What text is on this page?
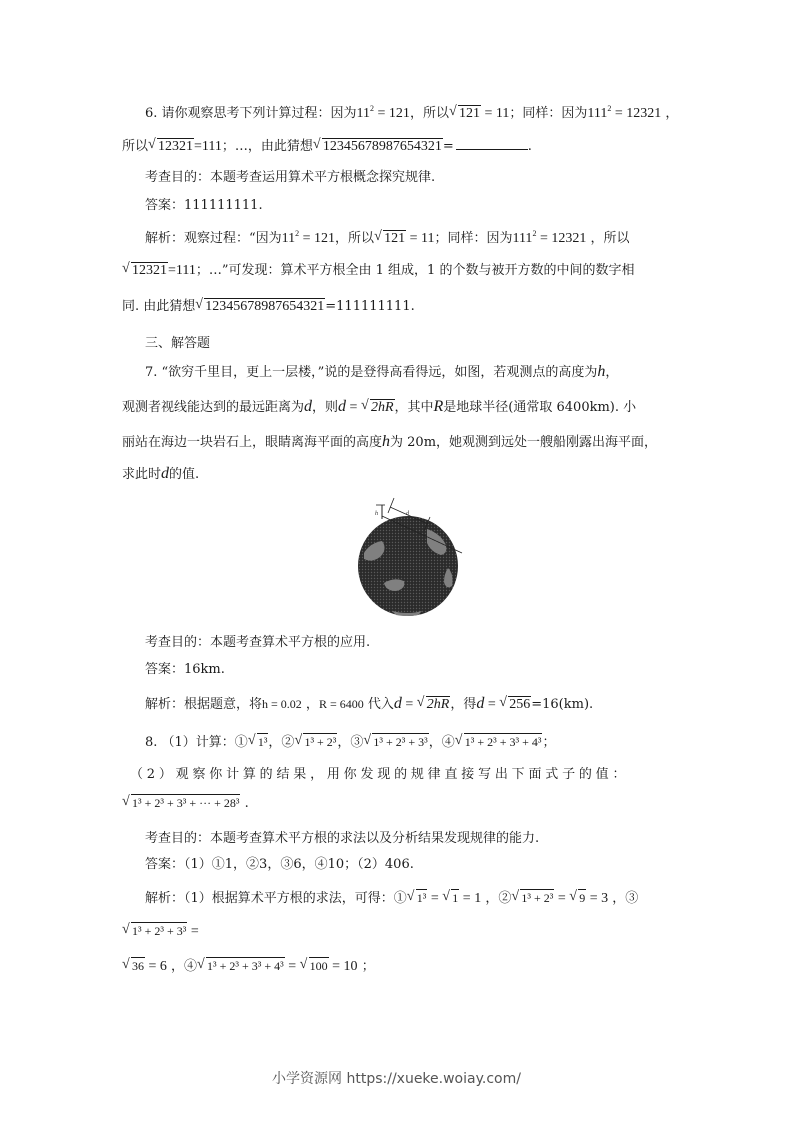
6. 请你观察思考下列计算过程：因为$11^2 = 121$，所以 √ 121 = 11；同样：因为$111^2 = 12321$ ，
所以 √ 12321=111；…，由此猜想 √ 12345678987654321=	.
考查目的：本题考查运用算术平方根概念探究规律.
答案：111111111.
解析：观察过程：“因为$11^2 = 121$，所以 √ 121 = 11；同样：因为$111^2 = 12321$ ，所以
√ 12321=111；…”可发现：算术平方根全由 1 组成，1 的个数与被开方数的中间的数字相
同. 由此猜想 √ 12345678987654321=111111111.
三、解答题
7. “欲穷千里目，更上一层楼，”说的是登得高看得远，如图，若观测点的高度为h，
观测者视线能达到的最远距离为d，则d = √ 2hR，其中R是地球半径(通常取 6400km). 小
丽站在海边一块岩石上，眼睛离海平面的高度h为 20m，她观测到远处一艘船刚露出海平面，
求此时d的值.
h	d
考查目的：本题考查算术平方根的应用.
答案：16km.
解析：根据题意，将h = 0.02 ，R = 6400 代入d = √ 2hR，得d = √ 256=16(km).
8. （1）计算：① √ 1³，② √ 1³ + 2³，③ √ 1³ + 2³ + 3³，④ √ 1³ + 2³ + 3³ + 4³；
（2）观察你计算的结果，用你发现的规律直接写出下面式子的值：
√ 1³ + 2³ + 3³ + ··· + 28³ .
考查目的：本题考查算术平方根的求法以及分析结果发现规律的能力.
答案：（1）①1，②3，③6，④10；（2）406.
解析：（1）根据算术平方根的求法，可得：① √ 1³ = √ 1 = 1 ，② √ 1³ + 2³ = √ 9 = 3 ，③
√ 1³ + 2³ + 3³ =
√ 36 = 6 ，④ √ 1³ + 2³ + 3³ + 4³ = √ 100 = 10 ；
小学资源网 https://xueke.woiay.com/
